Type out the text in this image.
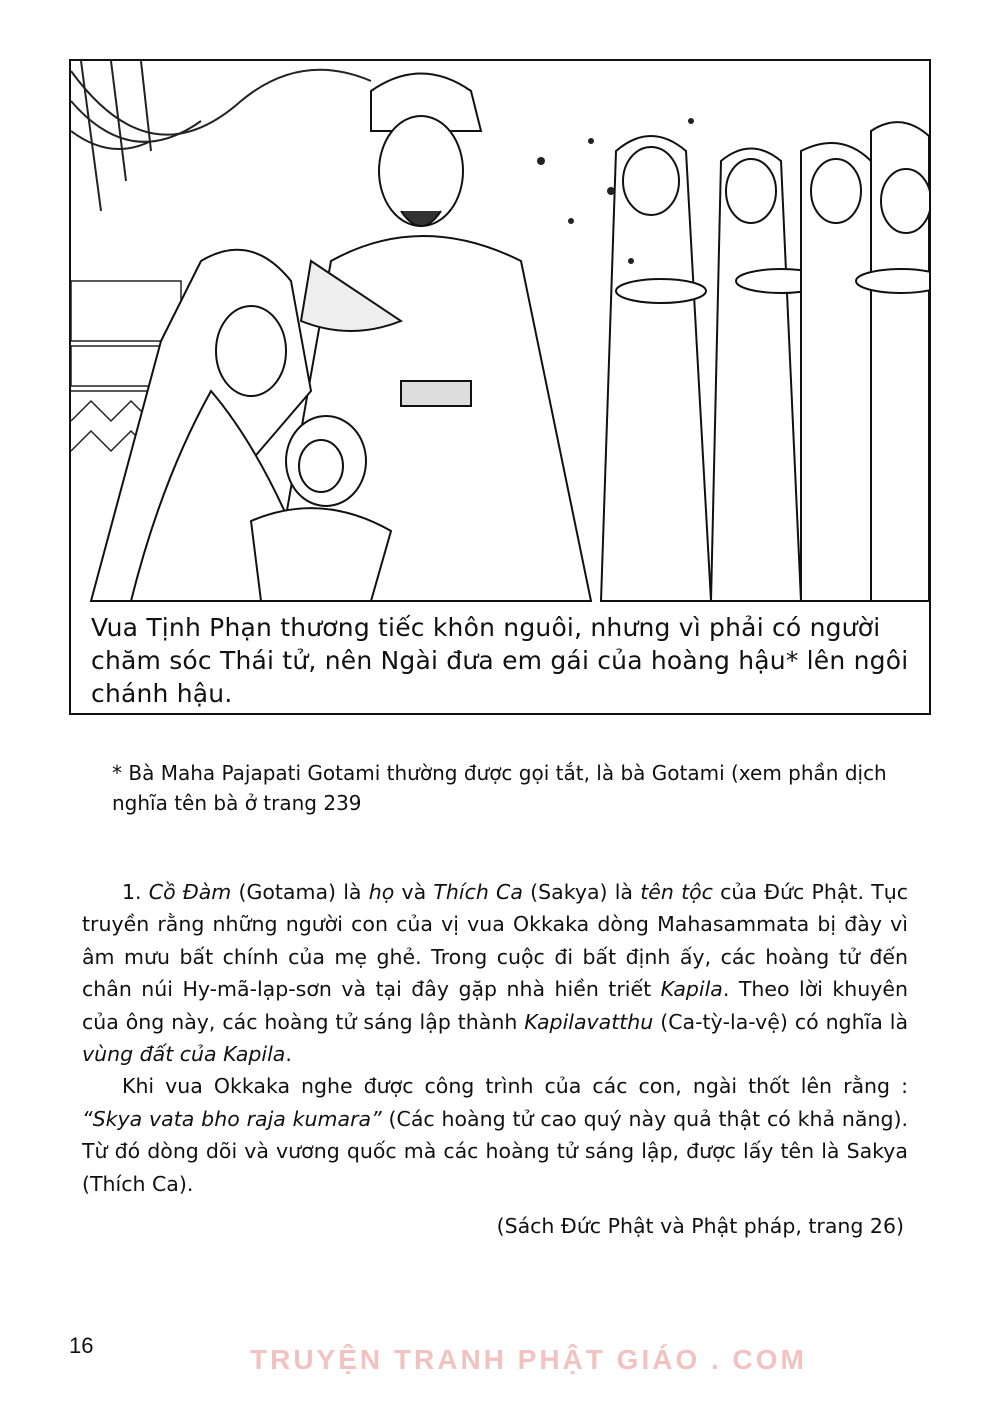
Vua Tịnh Phạn thương tiếc khôn nguôi, nhưng vì phải có người chăm sóc Thái tử, nên Ngài đưa em gái của hoàng hậu* lên ngôi chánh hậu.
* Bà Maha Pajapati Gotami thường được gọi tắt, là bà Gotami (xem phần dịch nghĩa tên bà ở trang 239

1. Cồ Đàm (Gotama) là họ và Thích Ca (Sakya) là tên tộc của Đức Phật. Tục truyền rằng những người con của vị vua Okkaka dòng Mahasammata bị đày vì âm mưu bất chính của mẹ ghẻ. Trong cuộc đi bất định ấy, các hoàng tử đến chân núi Hy-mã-lạp-sơn và tại đây gặp nhà hiền triết Kapila. Theo lời khuyên của ông này, các hoàng tử sáng lập thành Kapilavatthu (Ca-tỳ-la-vệ) có nghĩa là vùng đất của Kapila.

Khi vua Okkaka nghe được công trình của các con, ngài thốt lên rằng : “Skya vata bho raja kumara” (Các hoàng tử cao quý này quả thật có khả năng). Từ đó dòng dõi và vương quốc mà các hoàng tử sáng lập, được lấy tên là Sakya (Thích Ca).

(Sách Đức Phật và Phật pháp, trang 26)
16	TRUYỆN TRANH PHẬT GIÁO . COM
